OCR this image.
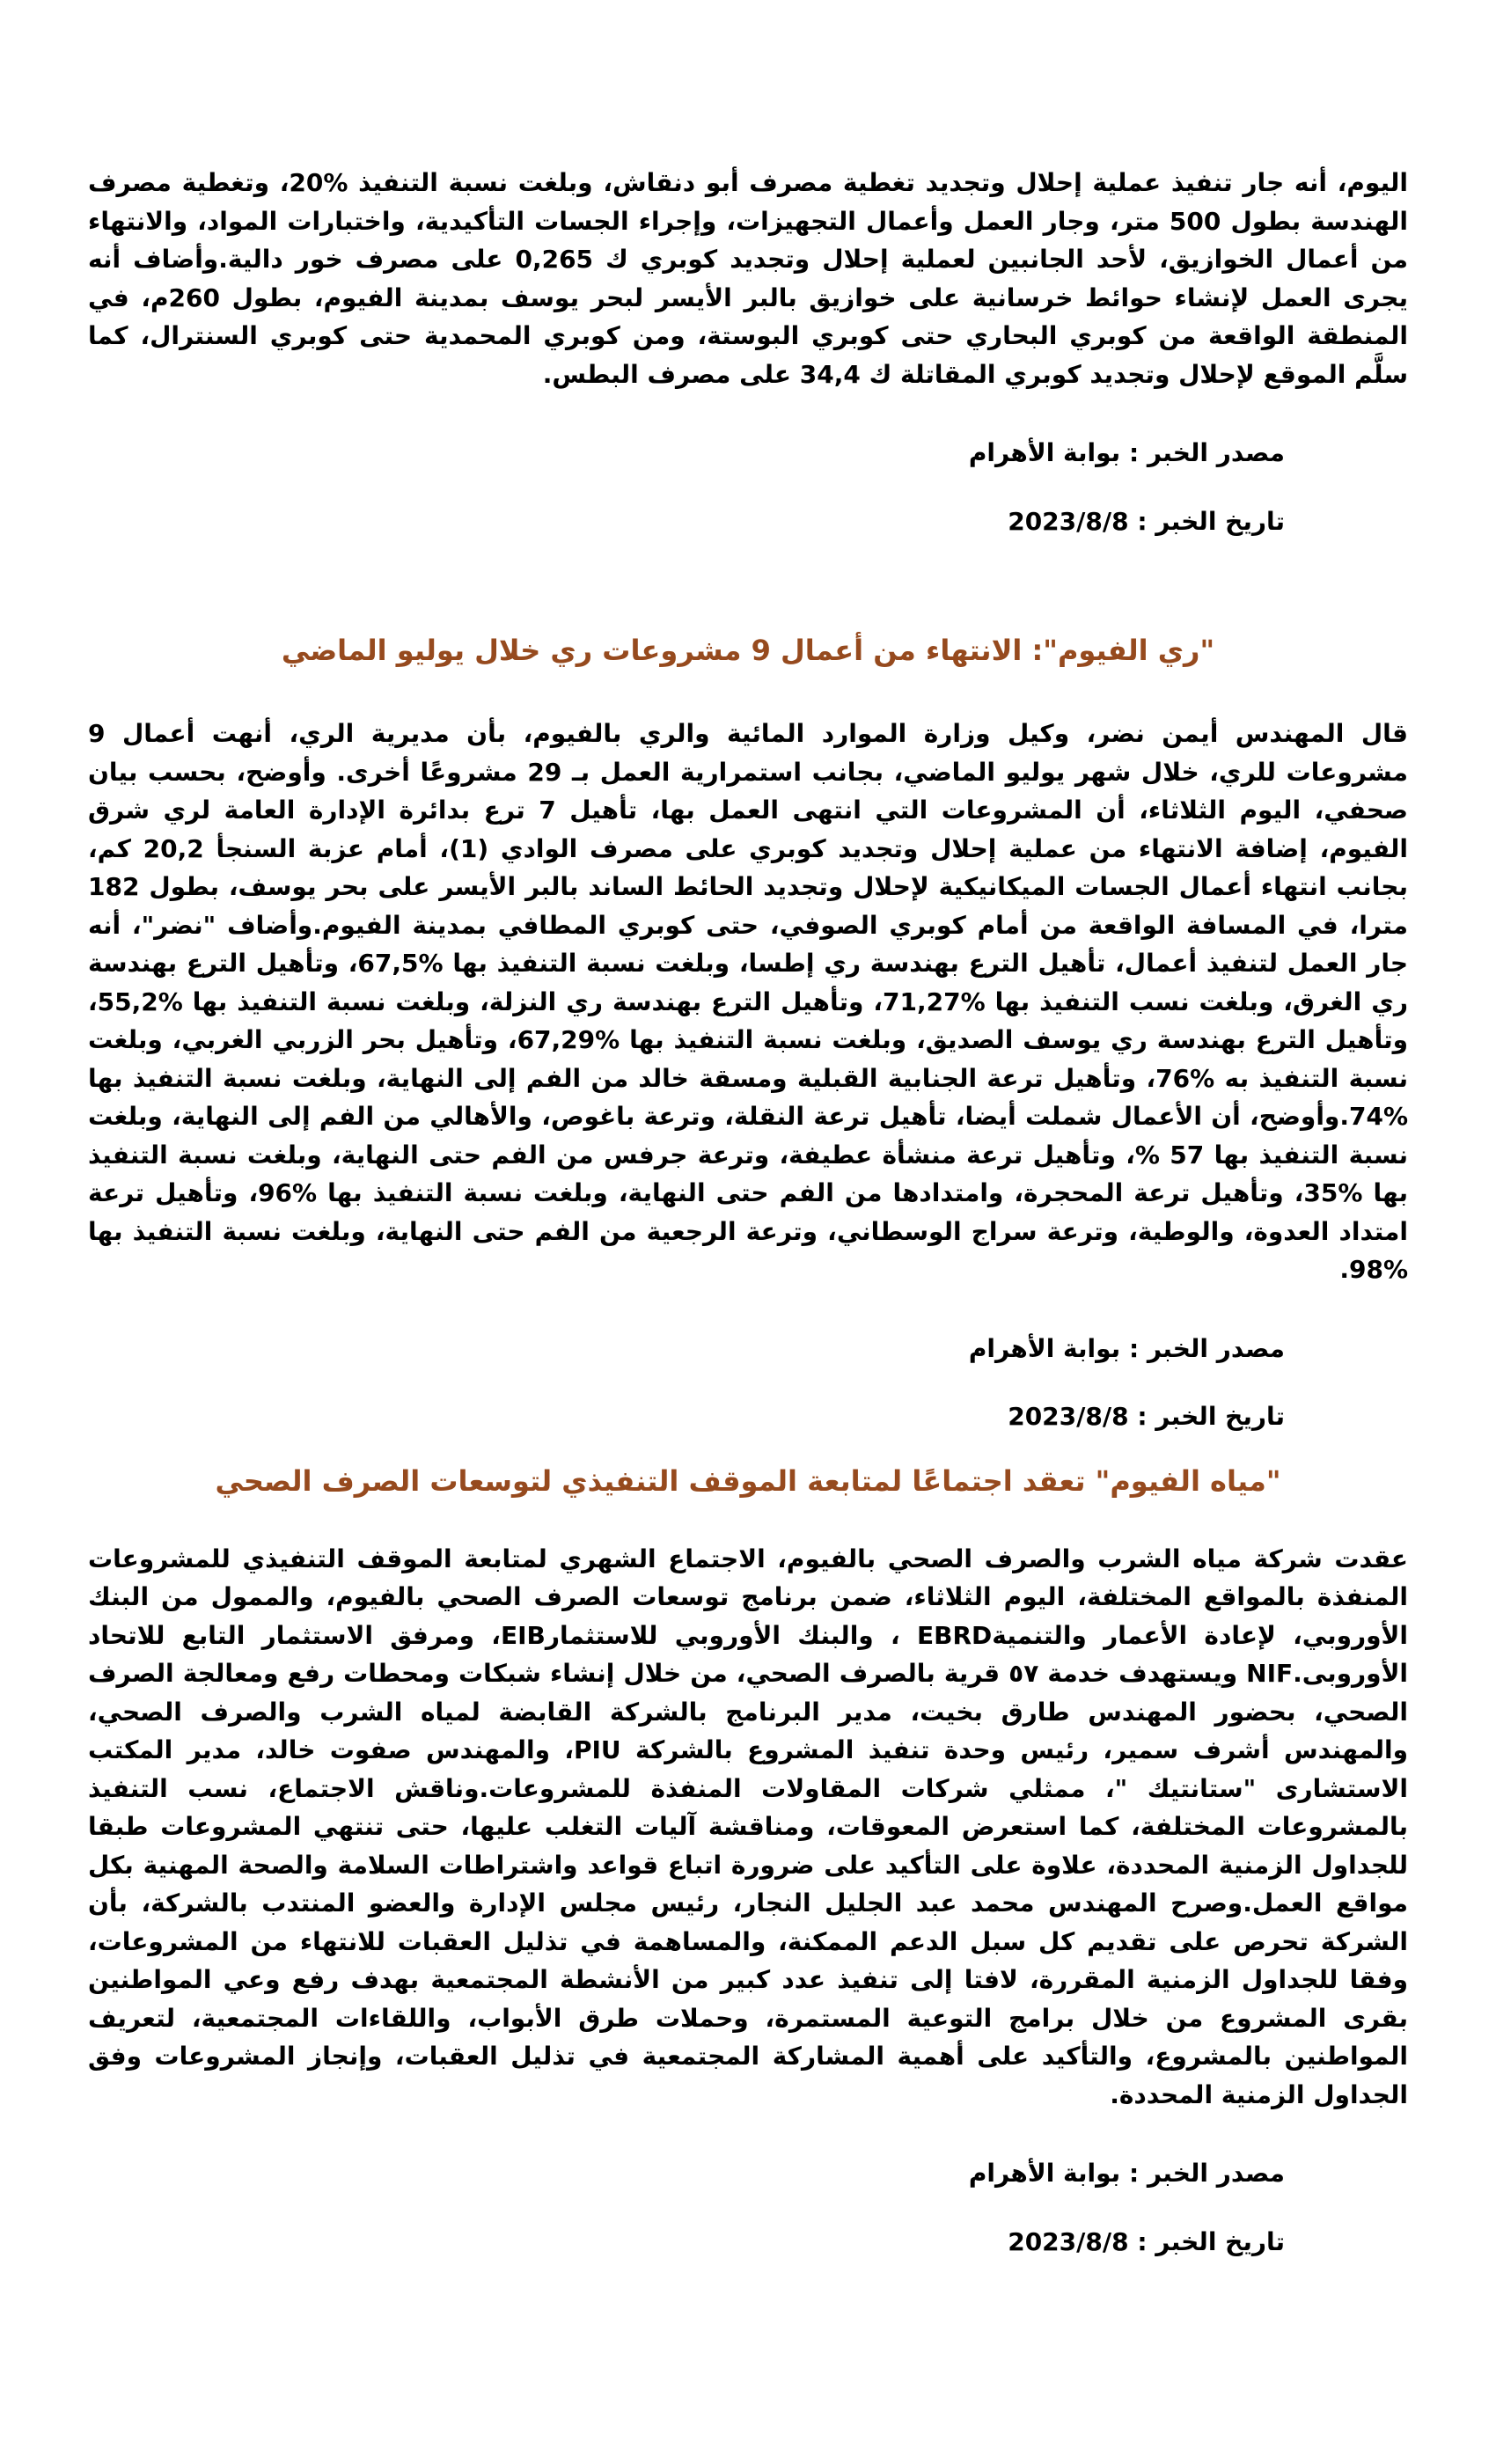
اليوم، أنه جار تنفيذ عملية إحلال وتجديد تغطية مصرف أبو دنقاش، وبلغت نسبة التنفيذ %20، وتغطية مصرف الهندسة بطول 500 متر، وجار العمل وأعمال التجهيزات، وإجراء الجسات التأكيدية، واختبارات المواد، والانتهاء من أعمال الخوازيق، لأحد الجانبين لعملية إحلال وتجديد كوبري ك 0,265 على مصرف خور دالية.وأضاف أنه يجرى العمل لإنشاء حوائط خرسانية على خوازيق بالبر الأيسر لبحر يوسف بمدينة الفيوم، بطول 260م، في المنطقة الواقعة من كوبري البحاري حتى كوبري البوستة، ومن كوبري المحمدية حتى كوبري السنترال، كما سلَّم الموقع لإحلال وتجديد كوبري المقاتلة ك 34,4 على مصرف البطس.

مصدر الخبر : بوابة الأهرام

تاريخ الخبر : 2023/8/8

"ري الفيوم": الانتهاء من أعمال 9 مشروعات ري خلال يوليو الماضي

قال المهندس أيمن نضر، وكيل وزارة الموارد المائية والري بالفيوم، بأن مديرية الري، أنهت أعمال 9 مشروعات للري، خلال شهر يوليو الماضي، بجانب استمرارية العمل بـ 29 مشروعًا أخرى. وأوضح، بحسب بيان صحفي، اليوم الثلاثاء، أن المشروعات التي انتهى العمل بها، تأهيل 7 ترع بدائرة الإدارة العامة لري شرق الفيوم، إضافة الانتهاء من عملية إحلال وتجديد كوبري على مصرف الوادي (1)، أمام عزبة السنجأ 20,2 كم، بجانب انتهاء أعمال الجسات الميكانيكية لإحلال وتجديد الحائط الساند بالبر الأيسر على بحر يوسف، بطول 182 مترا، في المسافة الواقعة من أمام كوبري الصوفي، حتى كوبري المطافي بمدينة الفيوم.وأضاف "نضر"، أنه جار العمل لتنفيذ أعمال، تأهيل الترع بهندسة ري إطسا، وبلغت نسبة التنفيذ بها %67,5، وتأهيل الترع بهندسة ري الغرق، وبلغت نسب التنفيذ بها %71,27، وتأهيل الترع بهندسة ري النزلة، وبلغت نسبة التنفيذ بها %55,2، وتأهيل الترع بهندسة ري يوسف الصديق، وبلغت نسبة التنفيذ بها %67,29، وتأهيل بحر الزربي الغربي، وبلغت نسبة التنفيذ به %76، وتأهيل ترعة الجنابية القبلية ومسقة خالد من الفم إلى النهاية، وبلغت نسبة التنفيذ بها %74.وأوضح، أن الأعمال شملت أيضا، تأهيل ترعة النقلة، وترعة باغوص، والأهالي من الفم إلى النهاية، وبلغت نسبة التنفيذ بها 57 %، وتأهيل ترعة منشأة عطيفة، وترعة جرفس من الفم حتى النهاية، وبلغت نسبة التنفيذ بها %35، وتأهيل ترعة المحجرة، وامتدادها من الفم حتى النهاية، وبلغت نسبة التنفيذ بها %96، وتأهيل ترعة امتداد العدوة، والوطية، وترعة سراج الوسطاني، وترعة الرجعية من الفم حتى النهاية، وبلغت نسبة التنفيذ بها %98.

مصدر الخبر : بوابة الأهرام

تاريخ الخبر : 2023/8/8

"مياه الفيوم" تعقد اجتماعًا لمتابعة الموقف التنفيذي لتوسعات الصرف الصحي

عقدت شركة مياه الشرب والصرف الصحي بالفيوم، الاجتماع الشهري لمتابعة الموقف التنفيذي للمشروعات المنفذة بالمواقع المختلفة، اليوم الثلاثاء، ضمن برنامج توسعات الصرف الصحي بالفيوم، والممول من البنك الأوروبي، لإعادة الأعمار والتنميةEBRD ، والبنك الأوروبي للاستثمارEIB، ومرفق الاستثمار التابع للاتحاد الأوروبى.NIF ويستهدف خدمة ٥٧ قرية بالصرف الصحي، من خلال إنشاء شبكات ومحطات رفع ومعالجة الصرف الصحي، بحضور المهندس طارق بخيت، مدير البرنامج بالشركة القابضة لمياه الشرب والصرف الصحي، والمهندس أشرف سمير، رئيس وحدة تنفيذ المشروع بالشركة PIU، والمهندس صفوت خالد، مدير المكتب الاستشارى "ستانتيك "، ممثلي شركات المقاولات المنفذة للمشروعات.وناقش الاجتماع، نسب التنفيذ بالمشروعات المختلفة، كما استعرض المعوقات، ومناقشة آليات التغلب عليها، حتى تنتهي المشروعات طبقا للجداول الزمنية المحددة، علاوة على التأكيد على ضرورة اتباع قواعد واشتراطات السلامة والصحة المهنية بكل مواقع العمل.وصرح المهندس محمد عبد الجليل النجار، رئيس مجلس الإدارة والعضو المنتدب بالشركة، بأن الشركة تحرص على تقديم كل سبل الدعم الممكنة، والمساهمة في تذليل العقبات للانتهاء من المشروعات، وفقا للجداول الزمنية المقررة، لافتا إلى تنفيذ عدد كبير من الأنشطة المجتمعية بهدف رفع وعي المواطنين بقرى المشروع من خلال برامج التوعية المستمرة، وحملات طرق الأبواب، واللقاءات المجتمعية، لتعريف المواطنين بالمشروع، والتأكيد على أهمية المشاركة المجتمعية في تذليل العقبات، وإنجاز المشروعات وفق الجداول الزمنية المحددة.

مصدر الخبر : بوابة الأهرام

تاريخ الخبر : 2023/8/8
